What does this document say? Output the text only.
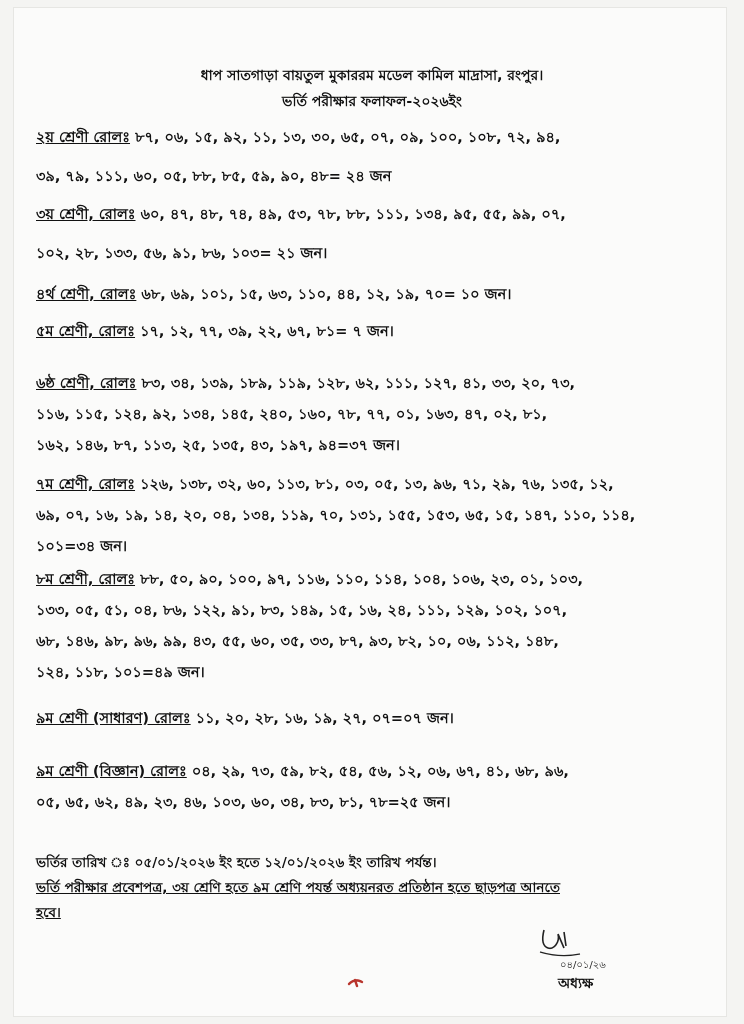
ধাপ সাতগাড়া বায়তুল মুকাররম মডেল কামিল মাদ্রাসা, রংপুর।
ভর্তি পরীক্ষার ফলাফল-২০২৬ইং
২য় শ্রেণী রোলঃ ৮৭, ০৬, ১৫, ৯২, ১১, ১৩, ৩০, ৬৫, ০৭, ০৯, ১০০, ১০৮, ৭২, ৯৪,
৩৯, ৭৯, ১১১, ৬০, ০৫, ৮৮, ৮৫, ৫৯, ৯০, ৪৮= ২৪ জন
৩য় শ্রেণী, রোলঃ ৬০, ৪৭, ৪৮, ৭৪, ৪৯, ৫৩, ৭৮, ৮৮, ১১১, ১৩৪, ৯৫, ৫৫, ৯৯, ০৭,
১০২, ২৮, ১৩৩, ৫৬, ৯১, ৮৬, ১০৩= ২১ জন।
৪র্থ শ্রেণী, রোলঃ ৬৮, ৬৯, ১০১, ১৫, ৬৩, ১১০, ৪৪, ১২, ১৯, ৭০= ১০ জন।
৫ম শ্রেণী, রোলঃ ১৭, ১২, ৭৭, ৩৯, ২২, ৬৭, ৮১= ৭ জন।
৬ষ্ঠ শ্রেণী, রোলঃ ৮৩, ৩৪, ১৩৯, ১৮৯, ১১৯, ১২৮, ৬২, ১১১, ১২৭, ৪১, ৩৩, ২০, ৭৩,
১১৬, ১১৫, ১২৪, ৯২, ১৩৪, ১৪৫, ২৪০, ১৬০, ৭৮, ৭৭, ০১, ১৬৩, ৪৭, ০২, ৮১,
১৬২, ১৪৬, ৮৭, ১১৩, ২৫, ১৩৫, ৪৩, ১৯৭, ৯৪=৩৭ জন।
৭ম শ্রেণী, রোলঃ ১২৬, ১৩৮, ৩২, ৬০, ১১৩, ৮১, ০৩, ০৫, ১৩, ৯৬, ৭১, ২৯, ৭৬, ১৩৫, ১২,
৬৯, ০৭, ১৬, ১৯, ১৪, ২০, ০৪, ১৩৪, ১১৯, ৭০, ১৩১, ১৫৫, ১৫৩, ৬৫, ১৫, ১৪৭, ১১০, ১১৪,
১০১=৩৪ জন।
৮ম শ্রেণী, রোলঃ ৮৮, ৫০, ৯০, ১০০, ৯৭, ১১৬, ১১০, ১১৪, ১০৪, ১০৬, ২৩, ০১, ১০৩,
১৩৩, ০৫, ৫১, ০৪, ৮৬, ১২২, ৯১, ৮৩, ১৪৯, ১৫, ১৬, ২৪, ১১১, ১২৯, ১০২, ১০৭,
৬৮, ১৪৬, ৯৮, ৯৬, ৯৯, ৪৩, ৫৫, ৬০, ৩৫, ৩৩, ৮৭, ৯৩, ৮২, ১০, ০৬, ১১২, ১৪৮,
১২৪, ১১৮, ১০১=৪৯ জন।
৯ম শ্রেণী (সাধারণ) রোলঃ ১১, ২০, ২৮, ১৬, ১৯, ২৭, ০৭=০৭ জন।
৯ম শ্রেণী (বিজ্ঞান) রোলঃ ০৪, ২৯, ৭৩, ৫৯, ৮২, ৫৪, ৫৬, ১২, ০৬, ৬৭, ৪১, ৬৮, ৯৬,
০৫, ৬৫, ৬২, ৪৯, ২৩, ৪৬, ১০৩, ৬০, ৩৪, ৮৩, ৮১, ৭৮=২৫ জন।
ভর্তির তারিখ ঃ ০৫/০১/২০২৬ ইং হতে ১২/০১/২০২৬ ইং তারিখ পর্যন্ত।
ভর্তি পরীক্ষার প্রবেশপত্র, ৩য় শ্রেণি হতে ৯ম শ্রেণি পযর্ন্ত অধ্যয়নরত প্রতিষ্ঠান হতে ছাড়পত্র আনতে
হবে।
০৪/০১/২৬
অধ্যক্ষ
